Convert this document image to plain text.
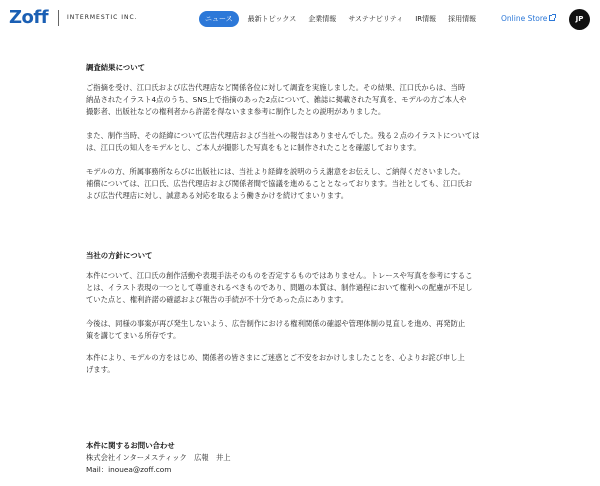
Zoff	INTERMESTIC INC.	ニュース	最新トピックス 企業情報 サステナビリティ IR情報 採用情報	Online Store	JP
調査結果について
ご指摘を受け、江口氏および広告代理店など関係各位に対して調査を実施しました。その結果、江口氏からは、当時
納品されたイラスト4点のうち、SNS上で指摘のあった2点について、雑誌に掲載された写真を、モデルの方ご本人や
撮影者、出版社などの権利者から許諾を得ないまま参考に制作したとの説明がありました。
また、制作当時、その経緯について広告代理店および当社への報告はありませんでした。残る２点のイラストについては
は、江口氏の知人をモデルとし、ご本人が撮影した写真をもとに制作されたことを確認しております。
モデルの方、所属事務所ならびに出版社には、当社より経緯を説明のうえ謝意をお伝えし、ご納得くださいました。
補償については、江口氏、広告代理店および関係者間で協議を進めることとなっております。当社としても、江口氏お
よび広告代理店に対し、誠意ある対応を取るよう働きかけを続けてまいります。
当社の方針について
本件について、江口氏の創作活動や表現手法そのものを否定するものではありません。トレースや写真を参考にするこ
とは、イラスト表現の一つとして尊重されるべきものであり、問題の本質は、制作過程において権利への配慮が不足し
ていた点と、権利許諾の確認および報告の手続が不十分であった点にあります。
今後は、同様の事案が再び発生しないよう、広告制作における権利関係の確認や管理体制の見直しを進め、再発防止
策を講じてまいる所存です。
本件により、モデルの方をはじめ、関係者の皆さまにご迷惑とご不安をおかけしましたことを、心よりお詫び申し上
げます。
本件に関するお問い合わせ
株式会社インターメスティック　広報　井上
Mail：inouea@zoff.com
